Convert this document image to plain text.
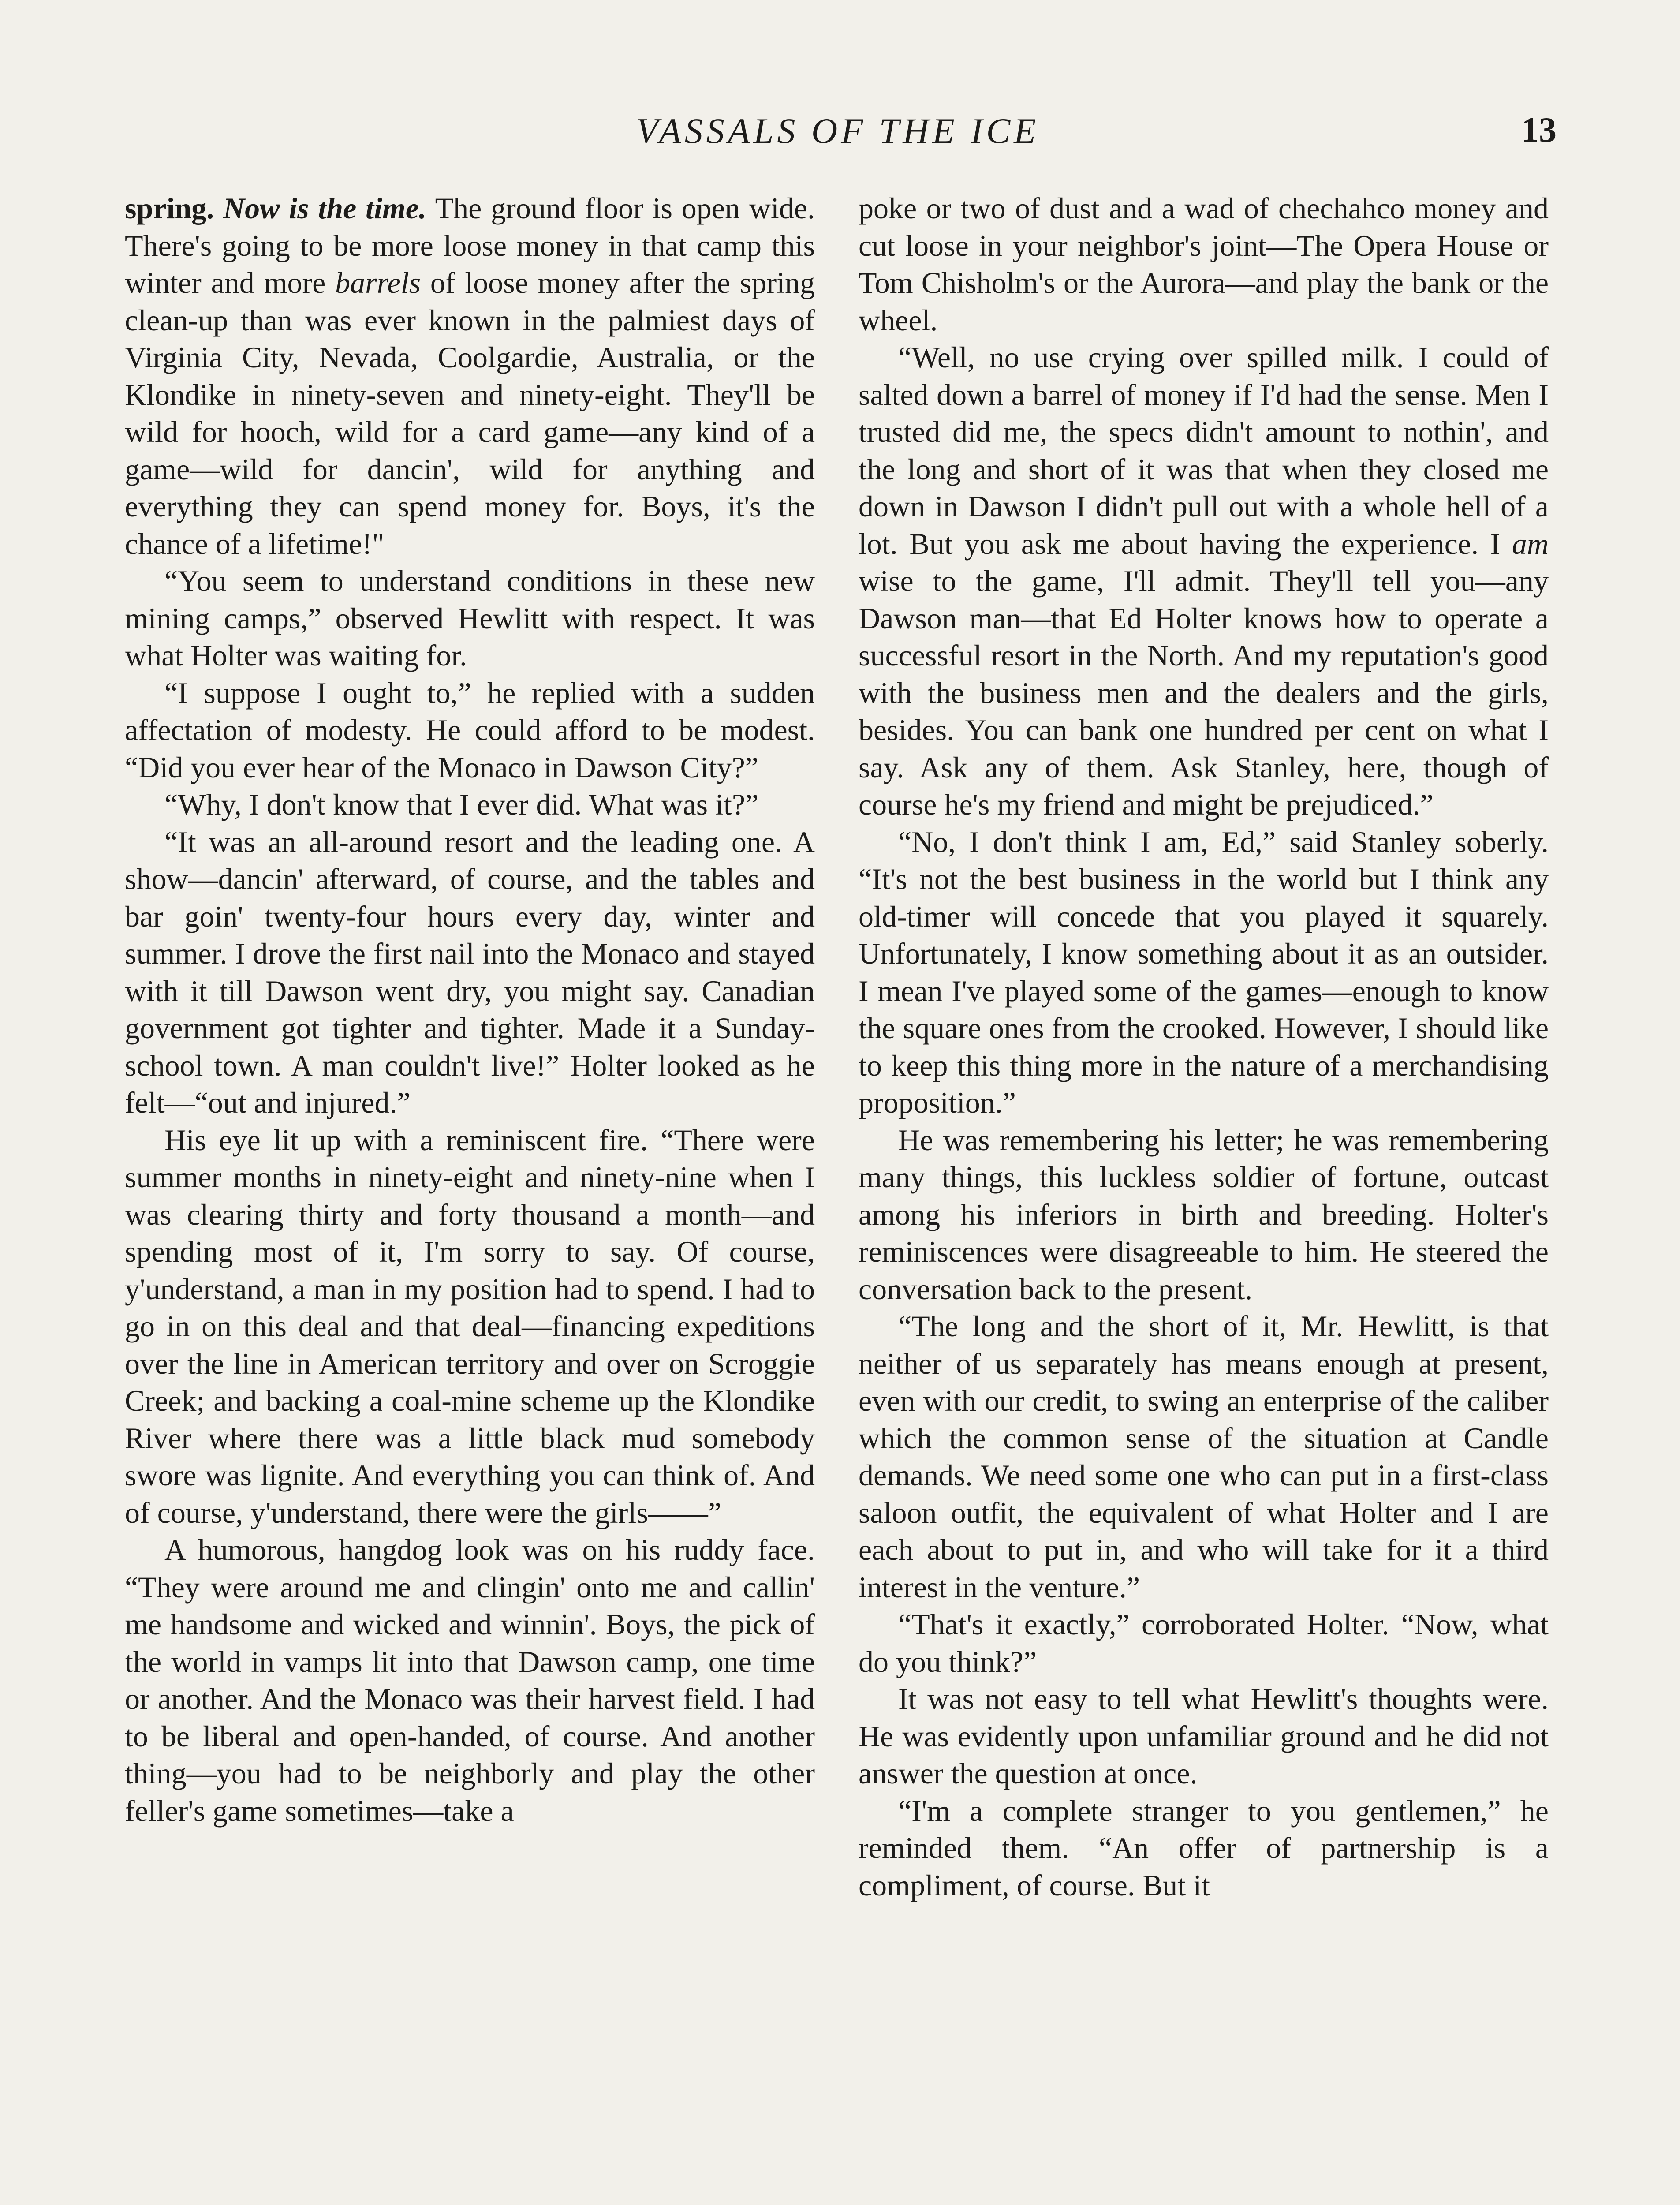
VASSALS OF THE ICE	13

spring. Now is the time. The ground floor is open wide. There's going to be more loose money in that camp this winter and more barrels of loose money after the spring clean-up than was ever known in the palmiest days of Virginia City, Nevada, Coolgardie, Australia, or the Klondike in ninety-seven and ninety-eight. They'll be wild for hooch, wild for a card game—any kind of a game—wild for dancin', wild for anything and everything they can spend money for. Boys, it's the chance of a lifetime!"

“You seem to understand conditions in these new mining camps,” observed Hewlitt with respect. It was what Holter was waiting for.

“I suppose I ought to,” he replied with a sudden affectation of modesty. He could afford to be modest. “Did you ever hear of the Monaco in Dawson City?”

“Why, I don't know that I ever did. What was it?”

“It was an all-around resort and the leading one. A show—dancin' afterward, of course, and the tables and bar goin' twenty-four hours every day, winter and summer. I drove the first nail into the Monaco and stayed with it till Dawson went dry, you might say. Canadian government got tighter and tighter. Made it a Sunday-school town. A man couldn't live!” Holter looked as he felt—“out and injured.”

His eye lit up with a reminiscent fire. “There were summer months in ninety-eight and ninety-nine when I was clearing thirty and forty thousand a month—and spending most of it, I'm sorry to say. Of course, y'understand, a man in my position had to spend. I had to go in on this deal and that deal—financing expeditions over the line in American territory and over on Scroggie Creek; and backing a coal-mine scheme up the Klondike River where there was a little black mud somebody swore was lignite. And everything you can think of. And of course, y'understand, there were the girls——”

A humorous, hangdog look was on his ruddy face. “They were around me and clingin' onto me and callin' me handsome and wicked and winnin'. Boys, the pick of the world in vamps lit into that Dawson camp, one time or another. And the Monaco was their harvest field. I had to be liberal and open-handed, of course. And another thing—you had to be neighborly and play the other feller's game sometimes—take a

poke or two of dust and a wad of chechahco money and cut loose in your neighbor's joint—The Opera House or Tom Chisholm's or the Aurora—and play the bank or the wheel.

“Well, no use crying over spilled milk. I could of salted down a barrel of money if I'd had the sense. Men I trusted did me, the specs didn't amount to nothin', and the long and short of it was that when they closed me down in Dawson I didn't pull out with a whole hell of a lot. But you ask me about having the experience. I am wise to the game, I'll admit. They'll tell you—any Dawson man—that Ed Holter knows how to operate a successful resort in the North. And my reputation's good with the business men and the dealers and the girls, besides. You can bank one hundred per cent on what I say. Ask any of them. Ask Stanley, here, though of course he's my friend and might be prejudiced.”

“No, I don't think I am, Ed,” said Stanley soberly. “It's not the best business in the world but I think any old-timer will concede that you played it squarely. Unfortunately, I know something about it as an outsider. I mean I've played some of the games—enough to know the square ones from the crooked. However, I should like to keep this thing more in the nature of a merchandising proposition.”

He was remembering his letter; he was remembering many things, this luckless soldier of fortune, outcast among his inferiors in birth and breeding. Holter's reminiscences were disagreeable to him. He steered the conversation back to the present.

“The long and the short of it, Mr. Hewlitt, is that neither of us separately has means enough at present, even with our credit, to swing an enterprise of the caliber which the common sense of the situation at Candle demands. We need some one who can put in a first-class saloon outfit, the equivalent of what Holter and I are each about to put in, and who will take for it a third interest in the venture.”

“That's it exactly,” corroborated Holter. “Now, what do you think?”

It was not easy to tell what Hewlitt's thoughts were. He was evidently upon unfamiliar ground and he did not answer the question at once.

“I'm a complete stranger to you gentlemen,” he reminded them. “An offer of partnership is a compliment, of course. But it
